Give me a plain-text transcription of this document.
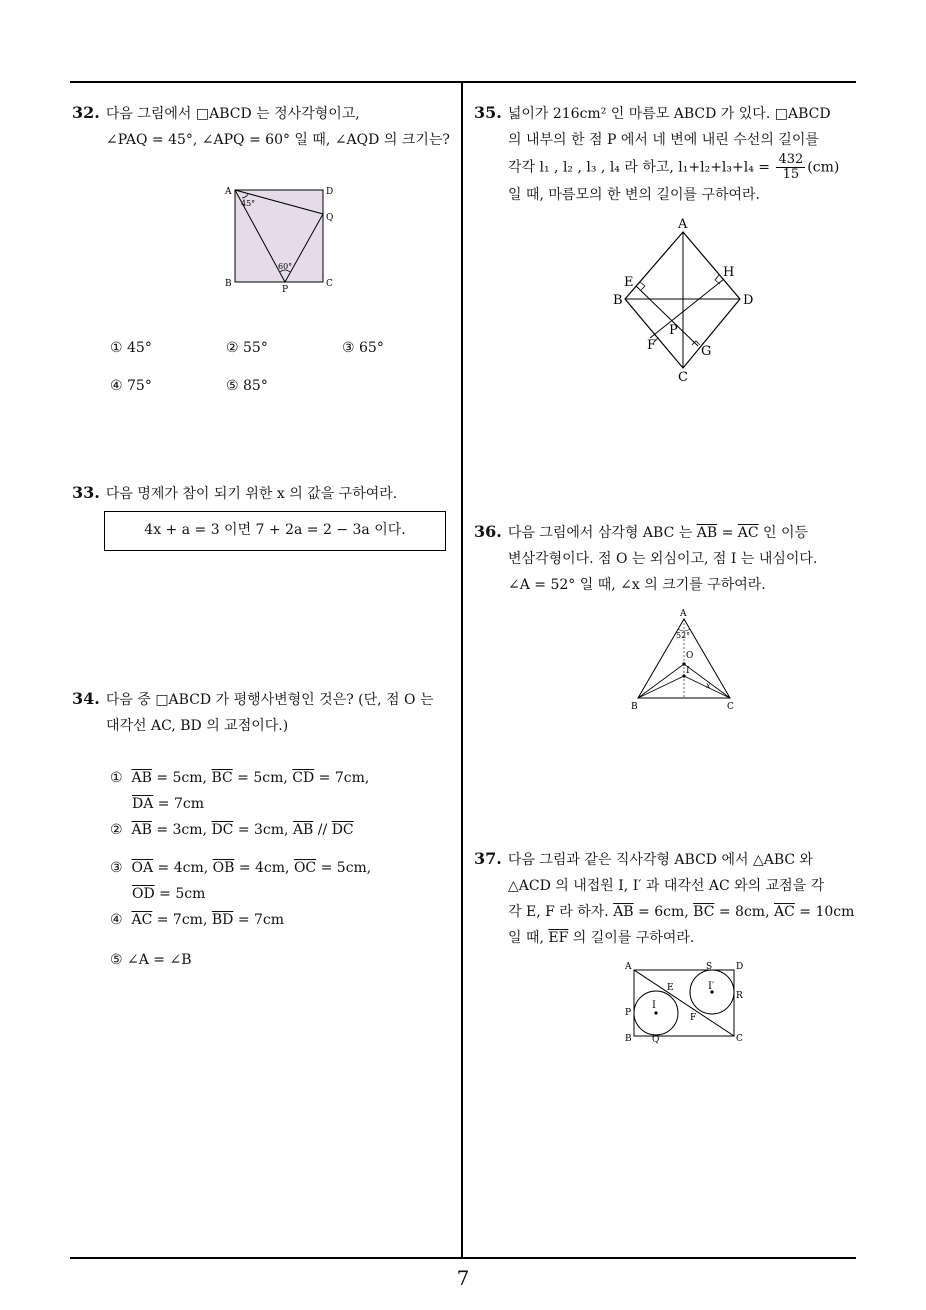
7
32. 다음 그림에서 □ABCD 는 정사각형이고,
∠PAQ = 45°, ∠APQ = 60° 일 때, ∠AQD 의 크기는?
A	D
Q
B	C
P
45°
60°
① 45°	② 55°	③ 65°
④ 75°	⑤ 85°
33. 다음 명제가 참이 되기 위한 x 의 값을 구하여라.
4x + a = 3 이면 7 + 2a = 2 − 3a 이다.
34. 다음 중 □ABCD 가 평행사변형인 것은? (단, 점 O 는
대각선 AC, BD 의 교점이다.)
① $\overline{AB} = 5cm$, $\overline{BC} = 5cm$, $\overline{CD} = 7cm$,
$\overline{DA} = 7cm$
② $\overline{AB} = 3cm$, $\overline{DC} = 3cm$, $\overline{AB} // \overline{DC}$
③ $\overline{OA} = 4cm$, $\overline{OB} = 4cm$, $\overline{OC} = 5cm$,
$\overline{OD} = 5cm$
④ $\overline{AC} = 7cm$, $\overline{BD} = 7cm$
⑤ ∠A = ∠B
35. 넓이가 216cm² 인 마름모 ABCD 가 있다. □ABCD
의 내부의 한 점 P 에서 네 변에 내린 수선의 길이를
각각 l₁ , l₂ , l₃ , l₄ 라 하고, $l_1+l_2+l_3+l_4 = \frac{432}{15} (cm)$
일 때, 마름모의 한 변의 길이를 구하여라.
A
B	D
C
E
H
F	G
P
36. 다음 그림에서 삼각형 ABC 는 $\overline{AB} = \overline{AC}$ 인 이등
변삼각형이다. 점 O 는 외심이고, 점 I 는 내심이다.
∠A = 52° 일 때, ∠x 의 크기를 구하여라.
A
B	C
O
I
52°
x
37. 다음 그림과 같은 직사각형 ABCD 에서 △ABC 와
△ACD 의 내접원 I, I′ 과 대각선 AC 와의 교점을 각
각 E, F 라 하자. $\overline{AB} = 6cm$, $\overline{BC} = 8cm$, $\overline{AC} = 10cm$
일 때, $\overline{EF}$ 의 길이를 구하여라.
A	S	D
E	I′
R
I
P	F
B Q	C
